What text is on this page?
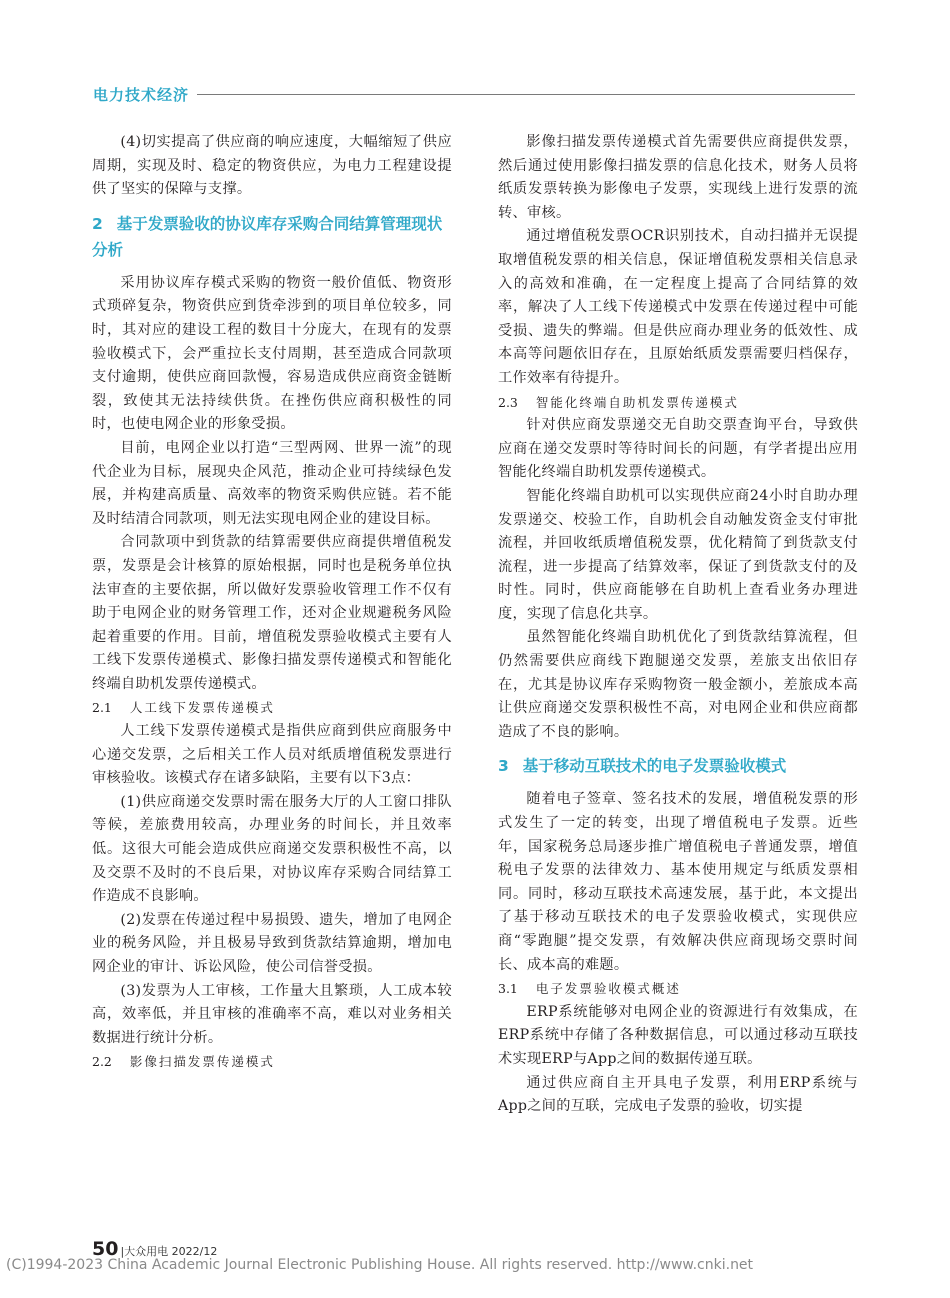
电力技术经济

(4)切实提高了供应商的响应速度，大幅缩短了供应周期，实现及时、稳定的物资供应，为电力工程建设提供了坚实的保障与支撑。

2 基于发票验收的协议库存采购合同结算管理现状分析

采用协议库存模式采购的物资一般价值低、物资形式琐碎复杂，物资供应到货牵涉到的项目单位较多，同时，其对应的建设工程的数目十分庞大，在现有的发票验收模式下，会严重拉长支付周期，甚至造成合同款项支付逾期，使供应商回款慢，容易造成供应商资金链断裂，致使其无法持续供货。在挫伤供应商积极性的同时，也使电网企业的形象受损。

目前，电网企业以打造“三型两网、世界一流”的现代企业为目标，展现央企风范，推动企业可持续绿色发展，并构建高质量、高效率的物资采购供应链。若不能及时结清合同款项，则无法实现电网企业的建设目标。

合同款项中到货款的结算需要供应商提供增值税发票，发票是会计核算的原始根据，同时也是税务单位执法审查的主要依据，所以做好发票验收管理工作不仅有助于电网企业的财务管理工作，还对企业规避税务风险起着重要的作用。目前，增值税发票验收模式主要有人工线下发票传递模式、影像扫描发票传递模式和智能化终端自助机发票传递模式。

2.1 人工线下发票传递模式

人工线下发票传递模式是指供应商到供应商服务中心递交发票，之后相关工作人员对纸质增值税发票进行审核验收。该模式存在诸多缺陷，主要有以下3点：

(1)供应商递交发票时需在服务大厅的人工窗口排队等候，差旅费用较高，办理业务的时间长，并且效率低。这很大可能会造成供应商递交发票积极性不高，以及交票不及时的不良后果，对协议库存采购合同结算工作造成不良影响。

(2)发票在传递过程中易损毁、遗失，增加了电网企业的税务风险，并且极易导致到货款结算逾期，增加电网企业的审计、诉讼风险，使公司信誉受损。

(3)发票为人工审核，工作量大且繁琐，人工成本较高，效率低，并且审核的准确率不高，难以对业务相关数据进行统计分析。

2.2 影像扫描发票传递模式

影像扫描发票传递模式首先需要供应商提供发票，然后通过使用影像扫描发票的信息化技术，财务人员将纸质发票转换为影像电子发票，实现线上进行发票的流转、审核。

通过增值税发票OCR识别技术，自动扫描并无误提取增值税发票的相关信息，保证增值税发票相关信息录入的高效和准确，在一定程度上提高了合同结算的效率，解决了人工线下传递模式中发票在传递过程中可能受损、遗失的弊端。但是供应商办理业务的低效性、成本高等问题依旧存在，且原始纸质发票需要归档保存，工作效率有待提升。

2.3 智能化终端自助机发票传递模式

针对供应商发票递交无自助交票查询平台，导致供应商在递交发票时等待时间长的问题，有学者提出应用智能化终端自助机发票传递模式。

智能化终端自助机可以实现供应商24小时自助办理发票递交、校验工作，自助机会自动触发资金支付审批流程，并回收纸质增值税发票，优化精简了到货款支付流程，进一步提高了结算效率，保证了到货款支付的及时性。同时，供应商能够在自助机上查看业务办理进度，实现了信息化共享。

虽然智能化终端自助机优化了到货款结算流程，但仍然需要供应商线下跑腿递交发票，差旅支出依旧存在，尤其是协议库存采购物资一般金额小，差旅成本高让供应商递交发票积极性不高，对电网企业和供应商都造成了不良的影响。

3 基于移动互联技术的电子发票验收模式

随着电子签章、签名技术的发展，增值税发票的形式发生了一定的转变，出现了增值税电子发票。近些年，国家税务总局逐步推广增值税电子普通发票，增值税电子发票的法律效力、基本使用规定与纸质发票相同。同时，移动互联技术高速发展，基于此，本文提出了基于移动互联技术的电子发票验收模式，实现供应商“零跑腿”提交发票，有效解决供应商现场交票时间长、成本高的难题。

3.1 电子发票验收模式概述

ERP系统能够对电网企业的资源进行有效集成，在ERP系统中存储了各种数据信息，可以通过移动互联技术实现ERP与App之间的数据传递互联。

通过供应商自主开具电子发票，利用ERP系统与App之间的互联，完成电子发票的验收，切实提

50 |大众用电 2022/12
(C)1994-2023 China Academic Journal Electronic Publishing House. All rights reserved. http://www.cnki.net
